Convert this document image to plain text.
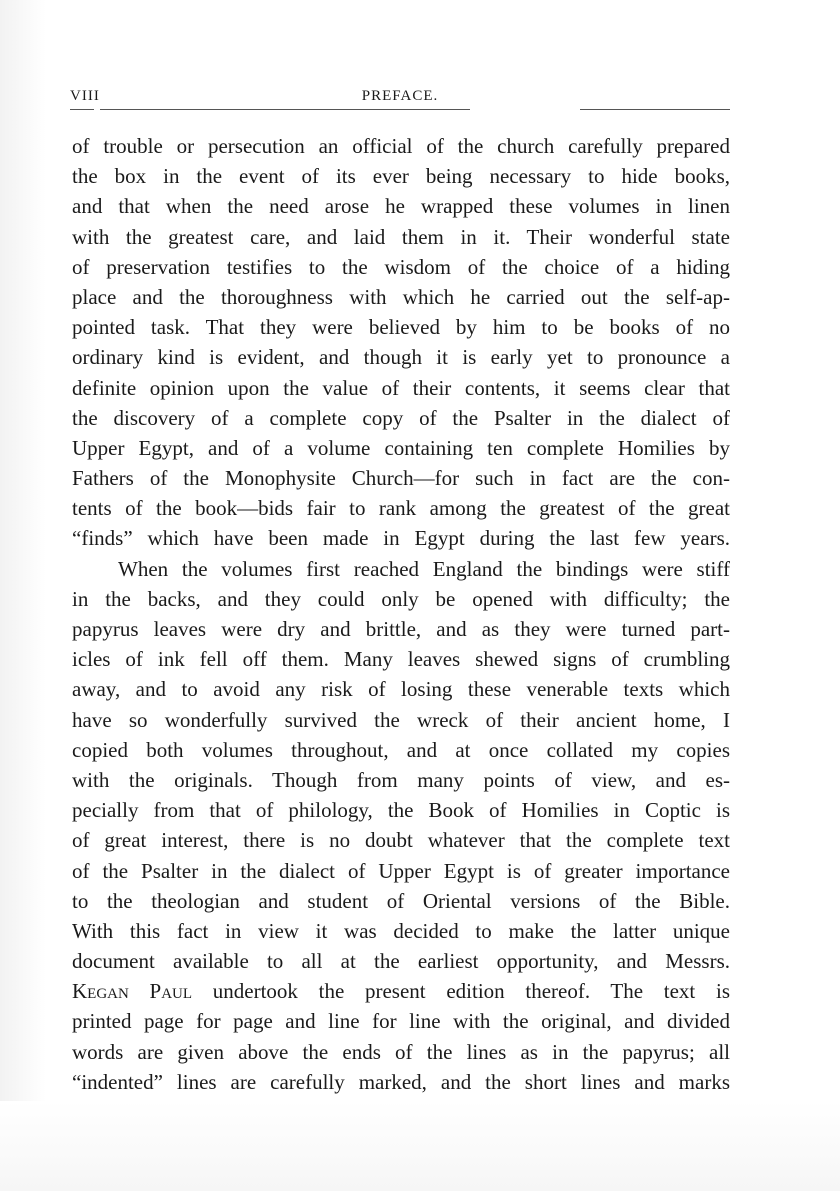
VIII	PREFACE.
of trouble or persecution an official of the church carefully prepared
the box in the event of its ever being necessary to hide books,
and that when the need arose he wrapped these volumes in linen
with the greatest care, and laid them in it. Their wonderful state
of preservation testifies to the wisdom of the choice of a hiding
place and the thoroughness with which he carried out the self-ap-
pointed task. That they were believed by him to be books of no
ordinary kind is evident, and though it is early yet to pronounce a
definite opinion upon the value of their contents, it seems clear that
the discovery of a complete copy of the Psalter in the dialect of
Upper Egypt, and of a volume containing ten complete Homilies by
Fathers of the Monophysite Church—for such in fact are the con-
tents of the book—bids fair to rank among the greatest of the great
“finds” which have been made in Egypt during the last few years.
When the volumes first reached England the bindings were stiff
in the backs, and they could only be opened with difficulty; the
papyrus leaves were dry and brittle, and as they were turned part-
icles of ink fell off them. Many leaves shewed signs of crumbling
away, and to avoid any risk of losing these venerable texts which
have so wonderfully survived the wreck of their ancient home, I
copied both volumes throughout, and at once collated my copies
with the originals. Though from many points of view, and es-
pecially from that of philology, the Book of Homilies in Coptic is
of great interest, there is no doubt whatever that the complete text
of the Psalter in the dialect of Upper Egypt is of greater importance
to the theologian and student of Oriental versions of the Bible.
With this fact in view it was decided to make the latter unique
document available to all at the earliest opportunity, and Messrs.
Kegan Paul undertook the present edition thereof. The text is
printed page for page and line for line with the original, and divided
words are given above the ends of the lines as in the papyrus; all
“indented” lines are carefully marked, and the short lines and marks
